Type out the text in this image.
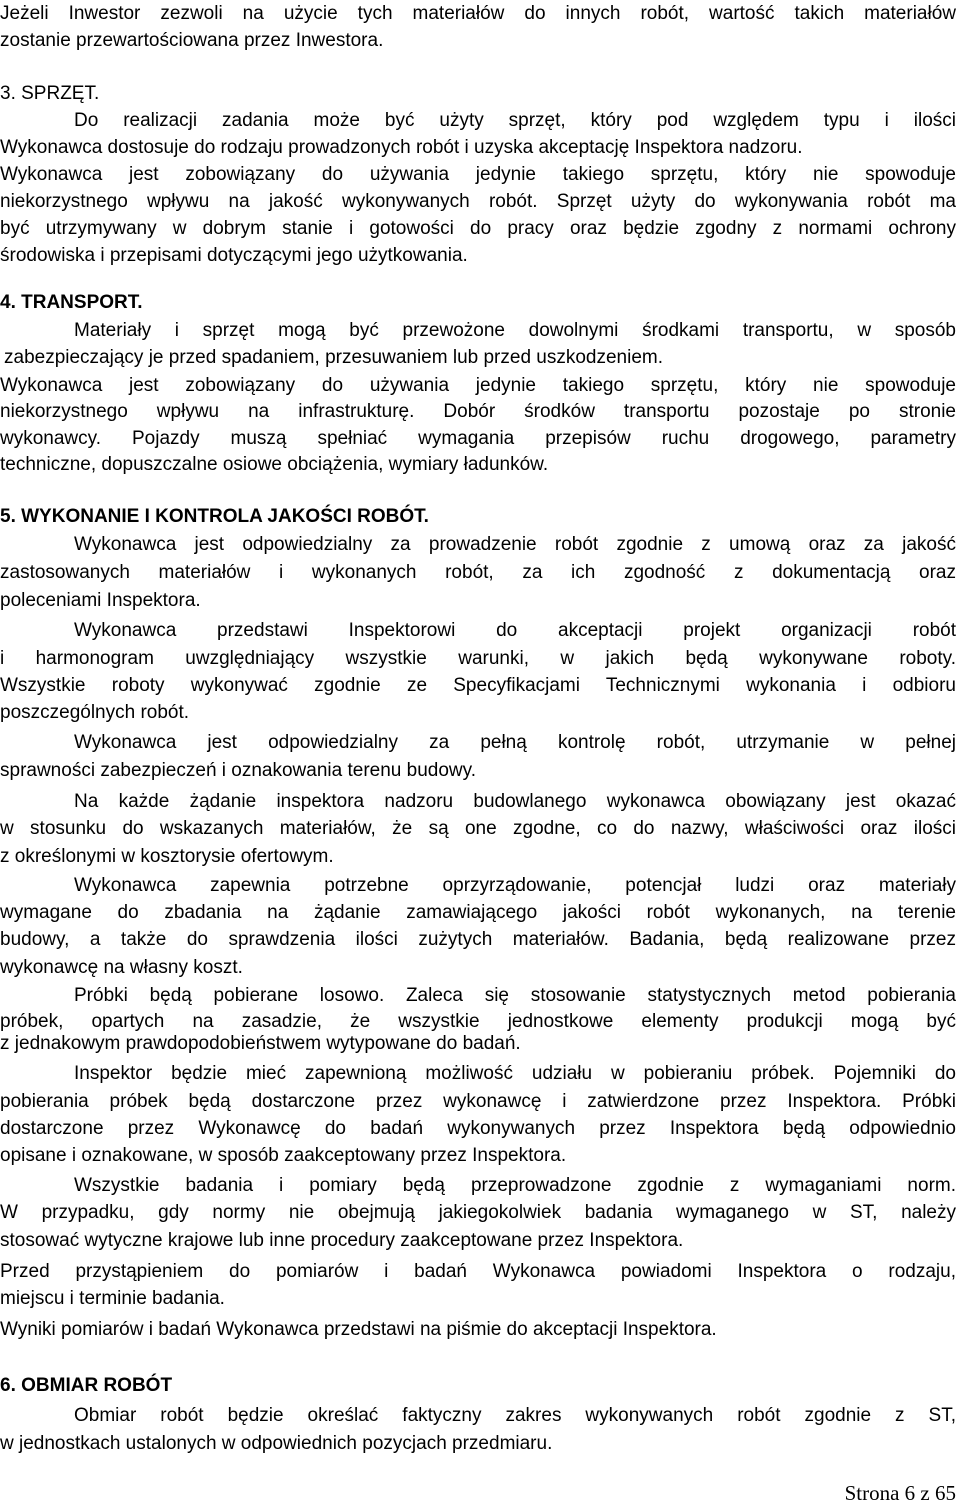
Jeżeli Inwestor zezwoli na użycie tych materiałów do innych robót, wartość takich materiałów
zostanie przewartościowana przez Inwestora.
3. SPRZĘT.
Do realizacji zadania może być użyty sprzęt, który pod względem typu i ilości
Wykonawca dostosuje do rodzaju prowadzonych robót i uzyska akceptację Inspektora nadzoru.
Wykonawca jest zobowiązany do używania jedynie takiego sprzętu, który nie spowoduje
niekorzystnego wpływu na jakość wykonywanych robót. Sprzęt użyty do wykonywania robót ma
być utrzymywany w dobrym stanie i gotowości do pracy oraz będzie zgodny z normami ochrony
środowiska i przepisami dotyczącymi jego użytkowania.
4. TRANSPORT.
Materiały i sprzęt mogą być przewożone dowolnymi środkami transportu, w sposób
zabezpieczający je przed spadaniem, przesuwaniem lub przed uszkodzeniem.
Wykonawca jest zobowiązany do używania jedynie takiego sprzętu, który nie spowoduje
niekorzystnego wpływu na infrastrukturę. Dobór środków transportu pozostaje po stronie
wykonawcy. Pojazdy muszą spełniać wymagania przepisów ruchu drogowego, parametry
techniczne, dopuszczalne osiowe obciążenia, wymiary ładunków.
5. WYKONANIE I KONTROLA JAKOŚCI ROBÓT.
Wykonawca jest odpowiedzialny za prowadzenie robót zgodnie z umową oraz za jakość
zastosowanych materiałów i wykonanych robót, za ich zgodność z dokumentacją oraz
poleceniami Inspektora.
Wykonawca przedstawi Inspektorowi do akceptacji projekt organizacji robót
i harmonogram uwzględniający wszystkie warunki, w jakich będą wykonywane roboty.
Wszystkie roboty wykonywać zgodnie ze Specyfikacjami Technicznymi wykonania i odbioru
poszczególnych robót.
Wykonawca jest odpowiedzialny za pełną kontrolę robót, utrzymanie w pełnej
sprawności zabezpieczeń i oznakowania terenu budowy.
Na każde żądanie inspektora nadzoru budowlanego wykonawca obowiązany jest okazać
w stosunku do wskazanych materiałów, że są one zgodne, co do nazwy, właściwości oraz ilości
z określonymi w kosztorysie ofertowym.
Wykonawca zapewnia potrzebne oprzyrządowanie, potencjał ludzi oraz materiały
wymagane do zbadania na żądanie zamawiającego jakości robót wykonanych, na terenie
budowy, a także do sprawdzenia ilości zużytych materiałów. Badania, będą realizowane przez
wykonawcę na własny koszt.
Próbki będą pobierane losowo. Zaleca się stosowanie statystycznych metod pobierania
próbek, opartych na zasadzie, że wszystkie jednostkowe elementy produkcji mogą być
z jednakowym prawdopodobieństwem wytypowane do badań.
Inspektor będzie mieć zapewnioną możliwość udziału w pobieraniu próbek. Pojemniki do
pobierania próbek będą dostarczone przez wykonawcę i zatwierdzone przez Inspektora. Próbki
dostarczone przez Wykonawcę do badań wykonywanych przez Inspektora będą odpowiednio
opisane i oznakowane, w sposób zaakceptowany przez Inspektora.
Wszystkie badania i pomiary będą przeprowadzone zgodnie z wymaganiami norm.
W przypadku, gdy normy nie obejmują jakiegokolwiek badania wymaganego w ST, należy
stosować wytyczne krajowe lub inne procedury zaakceptowane przez Inspektora.
Przed przystąpieniem do pomiarów i badań Wykonawca powiadomi Inspektora o rodzaju,
miejscu i terminie badania.
Wyniki pomiarów i badań Wykonawca przedstawi na piśmie do akceptacji Inspektora.
6. OBMIAR ROBÓT
Obmiar robót będzie określać faktyczny zakres wykonywanych robót zgodnie z ST,
w jednostkach ustalonych w odpowiednich pozycjach przedmiaru.
Strona 6 z 65
